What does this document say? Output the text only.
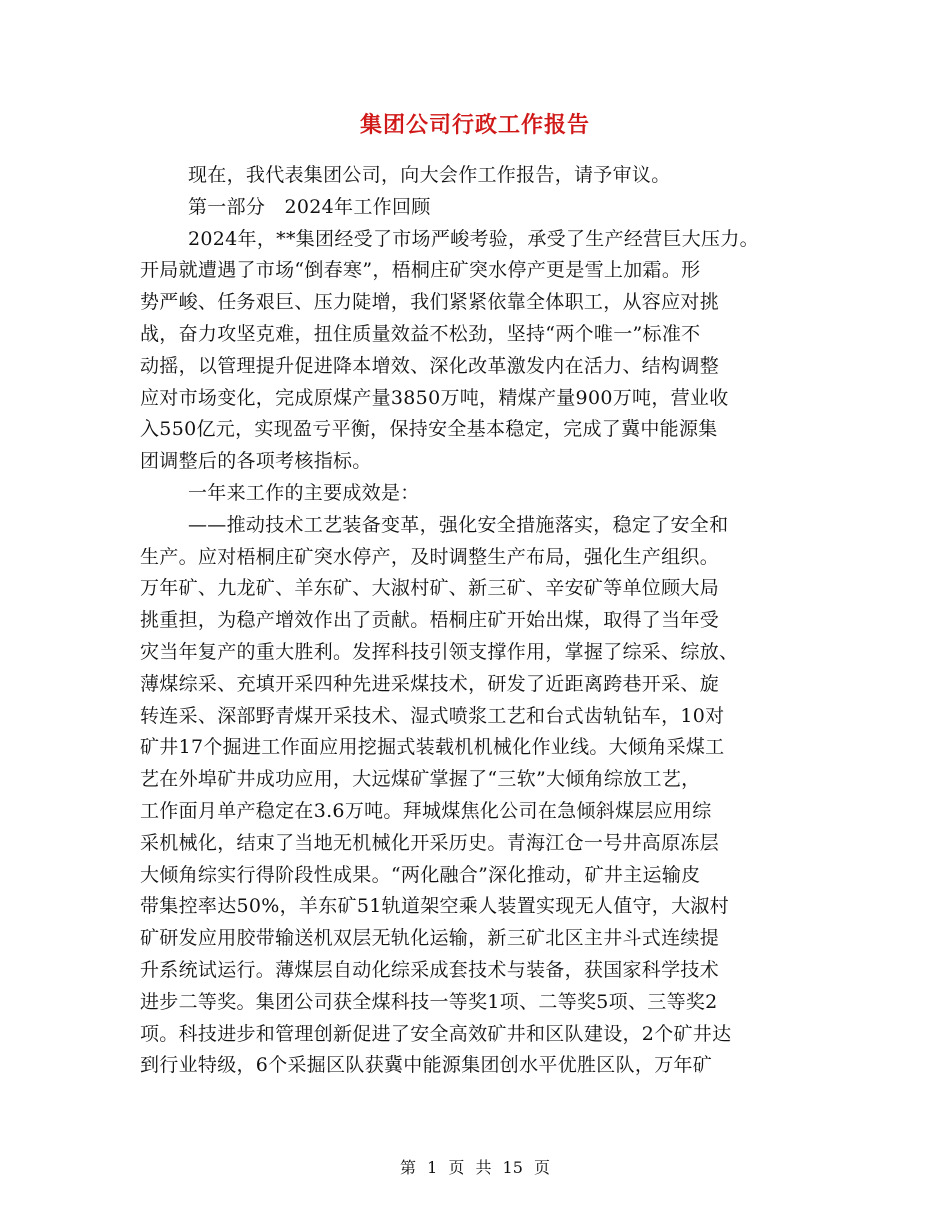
集团公司行政工作报告
现在，我代表集团公司，向大会作工作报告，请予审议。
第一部分　2024年工作回顾
2024年，**集团经受了市场严峻考验，承受了生产经营巨大压力。
开局就遭遇了市场“倒春寒”，梧桐庄矿突水停产更是雪上加霜。形
势严峻、任务艰巨、压力陡增，我们紧紧依靠全体职工，从容应对挑
战，奋力攻坚克难，扭住质量效益不松劲，坚持“两个唯一”标准不
动摇，以管理提升促进降本增效、深化改革激发内在活力、结构调整
应对市场变化，完成原煤产量3850万吨，精煤产量900万吨，营业收
入550亿元，实现盈亏平衡，保持安全基本稳定，完成了冀中能源集
团调整后的各项考核指标。
一年来工作的主要成效是：
——推动技术工艺装备变革，强化安全措施落实，稳定了安全和
生产。应对梧桐庄矿突水停产，及时调整生产布局，强化生产组织。
万年矿、九龙矿、羊东矿、大淑村矿、新三矿、辛安矿等单位顾大局
挑重担，为稳产增效作出了贡献。梧桐庄矿开始出煤，取得了当年受
灾当年复产的重大胜利。发挥科技引领支撑作用，掌握了综采、综放、
薄煤综采、充填开采四种先进采煤技术，研发了近距离跨巷开采、旋
转连采、深部野青煤开采技术、湿式喷浆工艺和台式齿轨钻车，10对
矿井17个掘进工作面应用挖掘式装载机机械化作业线。大倾角采煤工
艺在外埠矿井成功应用，大远煤矿掌握了“三软”大倾角综放工艺，
工作面月单产稳定在3.6万吨。拜城煤焦化公司在急倾斜煤层应用综
采机械化，结束了当地无机械化开采历史。青海江仓一号井高原冻层
大倾角综实行得阶段性成果。“两化融合”深化推动，矿井主运输皮
带集控率达50%，羊东矿51轨道架空乘人装置实现无人值守，大淑村
矿研发应用胶带输送机双层无轨化运输，新三矿北区主井斗式连续提
升系统试运行。薄煤层自动化综采成套技术与装备，获国家科学技术
进步二等奖。集团公司获全煤科技一等奖1项、二等奖5项、三等奖2
项。科技进步和管理创新促进了安全高效矿井和区队建设，2个矿井达
到行业特级，6个采掘区队获冀中能源集团创水平优胜区队，万年矿
第 1 页 共 15 页
